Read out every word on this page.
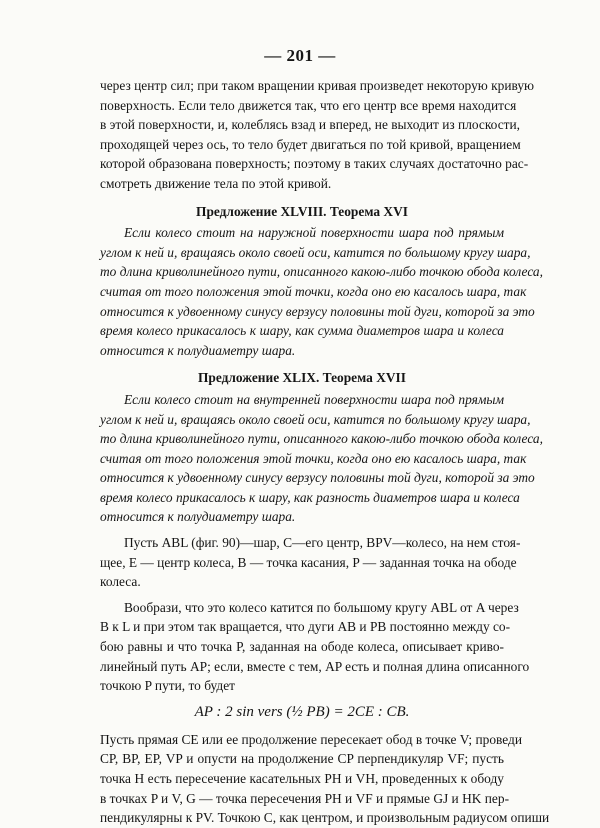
— 201 —

через центр сил; при таком вращении кривая произведет некоторую кривую
поверхность. Если тело движется так, что его центр все время находится
в этой поверхности, и, колеблясь взад и вперед, не выходит из плоскости,
проходящей через ось, то тело будет двигаться по той кривой, вращением
которой образована поверхность; поэтому в таких случаях достаточно рас-
смотреть движение тела по этой кривой.

Предложение XLVIII. Теорема XVI

Если колесо стоит на наружной поверхности шара под прямым
углом к ней и, вращаясь около своей оси, катится по большому кругу шара,
то длина криволинейного пути, описанного какою-либо точкою обода колеса,
считая от того положения этой точки, когда оно ею касалось шара, так
относится к удвоенному синусу верзусу половины той дуги, которой за это
время колесо прикасалось к шару, как сумма диаметров шара и колеса
относится к полудиаметру шара.

Предложение XLIX. Теорема XVII

Если колесо стоит на внутренней поверхности шара под прямым
углом к ней и, вращаясь около своей оси, катится по большому кругу шара,
то длина криволинейного пути, описанного какою-либо точкою обода колеса,
считая от того положения этой точки, когда оно ею касалось шара, так
относится к удвоенному синусу верзусу половины той дуги, которой за это
время колесо прикасалось к шару, как разность диаметров шара и колеса
относится к полудиаметру шара.

Пусть ABL (фиг. 90)—шар, C—его центр, BPV—колесо, на нем стоя-
щее, E — центр колеса, B — точка касания, P — заданная точка на ободе
колеса.

Вообрази, что это колесо катится по большому кругу ABL от A через
B к L и при этом так вращается, что дуги AB и PB постоянно между со-
бою равны и что точка P, заданная на ободе колеса, описывает криво-
линейный путь AP; если, вместе с тем, AP есть и полная длина описанного
точкою P пути, то будет

AP : 2 sin vers (½ PB) = 2CE : CB.

Пусть прямая CE или ее продолжение пересекает обод в точке V; проведи
CP, BP, EP, VP и опусти на продолжение CP перпендикуляр VF; пусть
точка H есть пересечение касательных PH и VH, проведенных к ободу
в точках P и V, G — точка пересечения PH и VF и прямые GJ и HK пер-
пендикулярны к PV. Точкою C, как центром, и произвольным радиусом опиши
